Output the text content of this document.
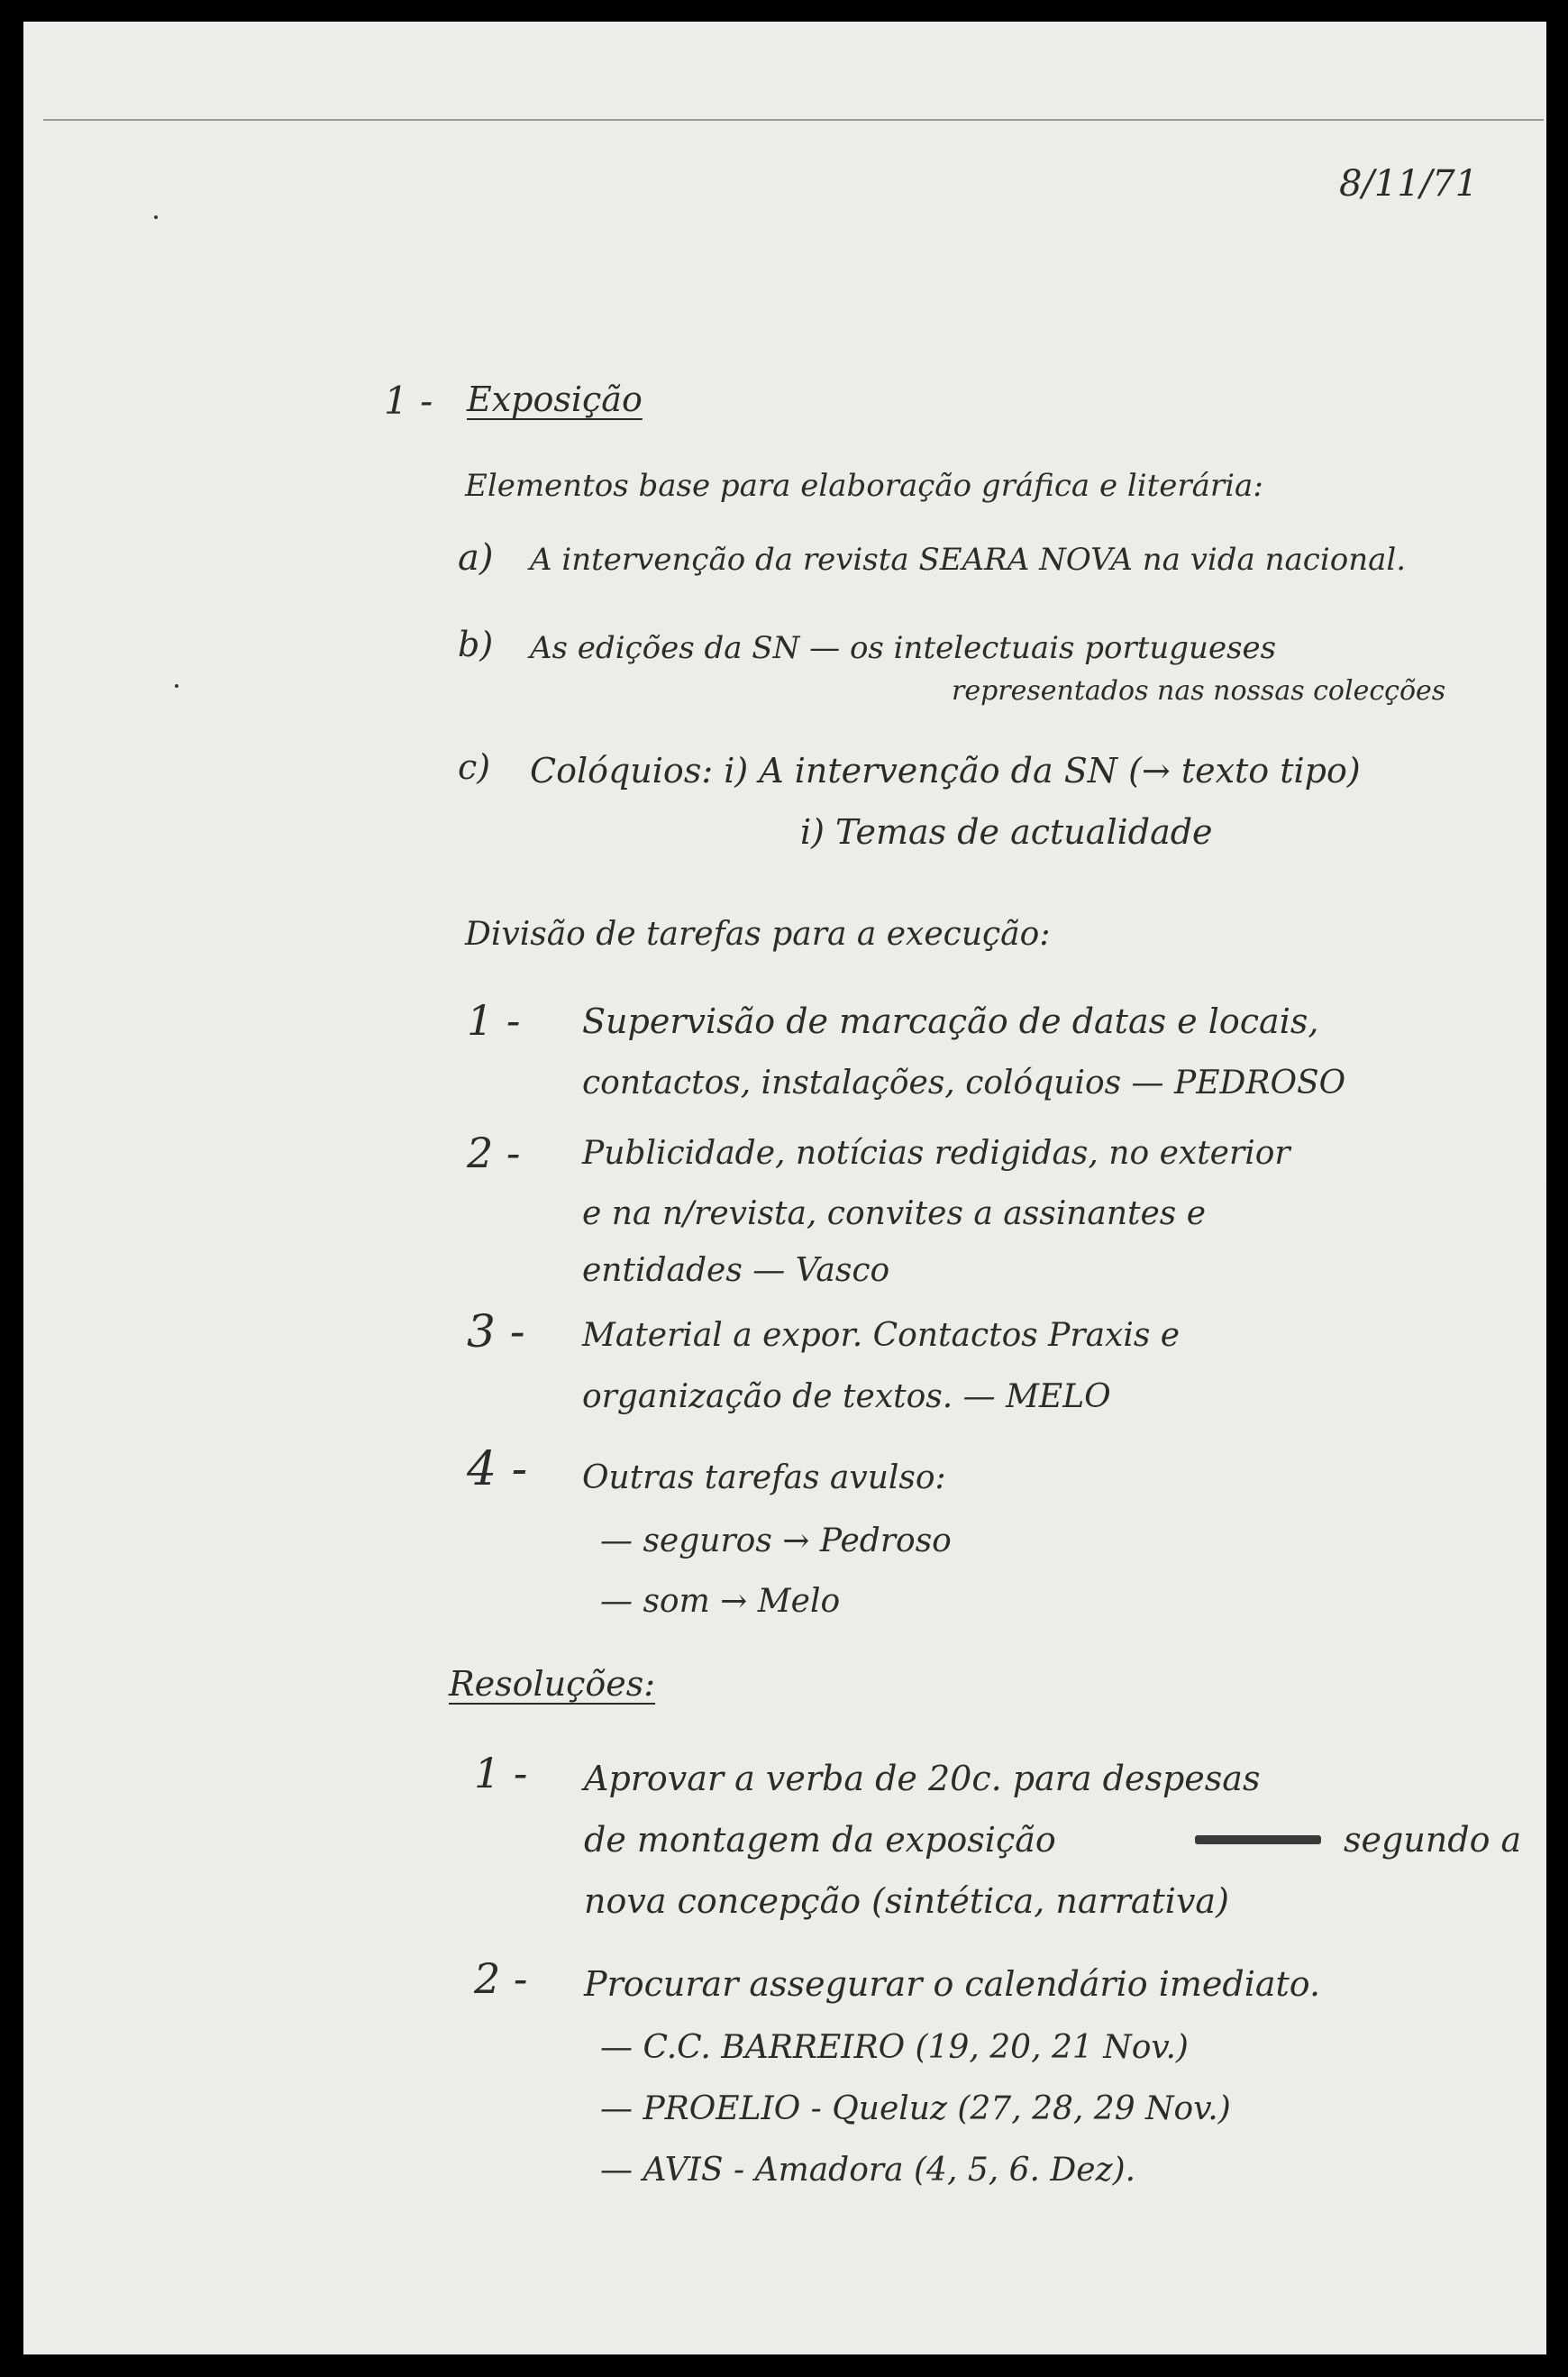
8/11/71
1 - Exposição
Elementos base para elaboração gráfica e literária:
a) A intervenção da revista SEARA NOVA na vida nacional.
b) As edições da SN — os intelectuais portugueses
representados nas nossas colecções
c) Colóquios: i) A intervenção da SN (→ texto tipo)
i) Temas de actualidade
Divisão de tarefas para a execução:
1 - Supervisão de marcação de datas e locais,
contactos, instalações, colóquios — PEDROSO
2 - Publicidade, notícias redigidas, no exterior
e na n/revista, convites a assinantes e
entidades — Vasco
3 - Material a expor. Contactos Praxis e
organização de textos. — MELO
4 - Outras tarefas avulso:
— seguros → Pedroso
— som → Melo
Resoluções:
1 - Aprovar a verba de 20c. para despesas
de montagem da exposição	segundo a
nova concepção (sintética, narrativa)
2 - Procurar assegurar o calendário imediato.
— C.C. BARREIRO (19, 20, 21 Nov.)
— PROELIO - Queluz (27, 28, 29 Nov.)
— AVIS - Amadora (4, 5, 6. Dez).
